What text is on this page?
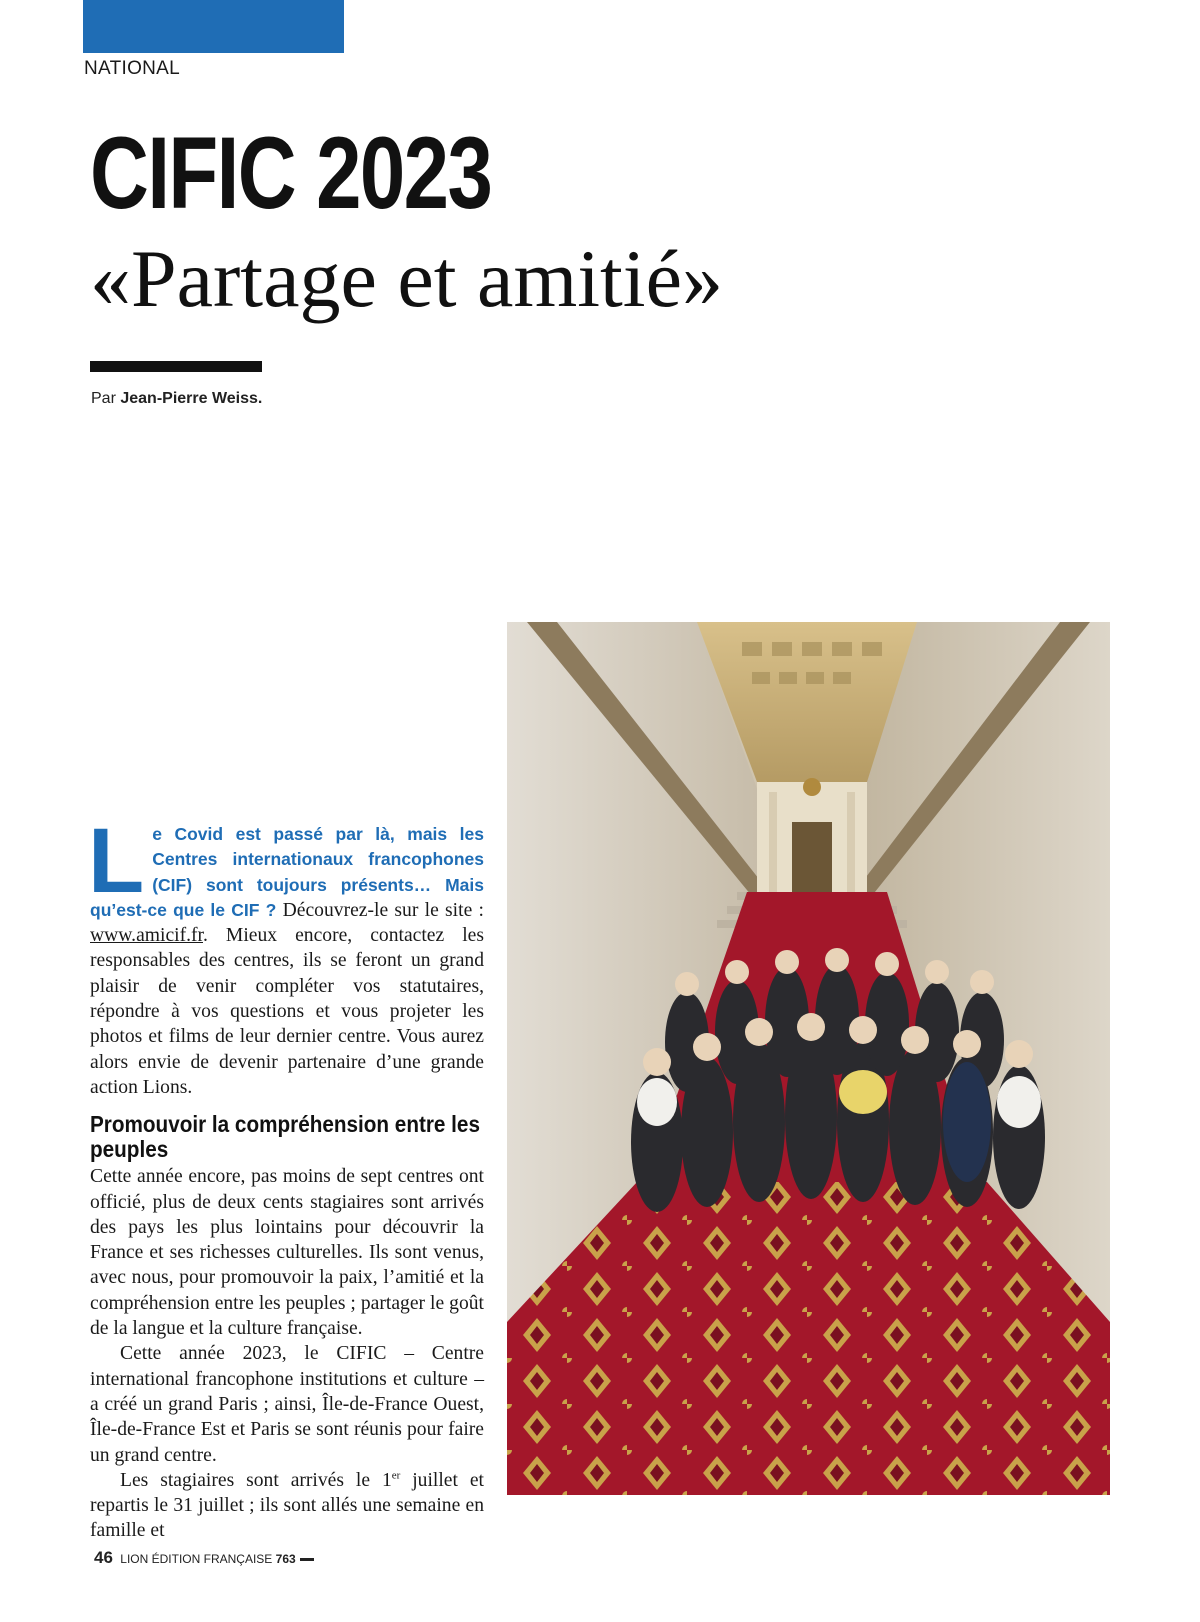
NATIONAL
CIFIC 2023
«Partage et amitié»
Par Jean-Pierre Weiss.

Le Covid est passé par là, mais les Centres internationaux francophones (CIF) sont toujours présents… Mais qu’est-ce que le CIF ? Découvrez-le sur le site : www.amicif.fr. Mieux encore, contactez les responsables des centres, ils se feront un grand plaisir de venir compléter vos statutaires, répondre à vos questions et vous projeter les photos et films de leur dernier centre. Vous aurez alors envie de devenir partenaire d’une grande action Lions.

Promouvoir la compréhension entre les peuples

Cette année encore, pas moins de sept centres ont officié, plus de deux cents stagiaires sont arrivés des pays les plus lointains pour découvrir la France et ses richesses culturelles. Ils sont venus, avec nous, pour promouvoir la paix, l’amitié et la compréhension entre les peuples ; partager le goût de la langue et la culture française.

Cette année 2023, le CIFIC – Centre international francophone institutions et culture – a créé un grand Paris ; ainsi, Île-de-France Ouest, Île-de-France Est et Paris se sont réunis pour faire un grand centre.

Les stagiaires sont arrivés le 1er juillet et repartis le 31 juillet ; ils sont allés une semaine en famille et

46 LION ÉDITION FRANÇAISE 763
